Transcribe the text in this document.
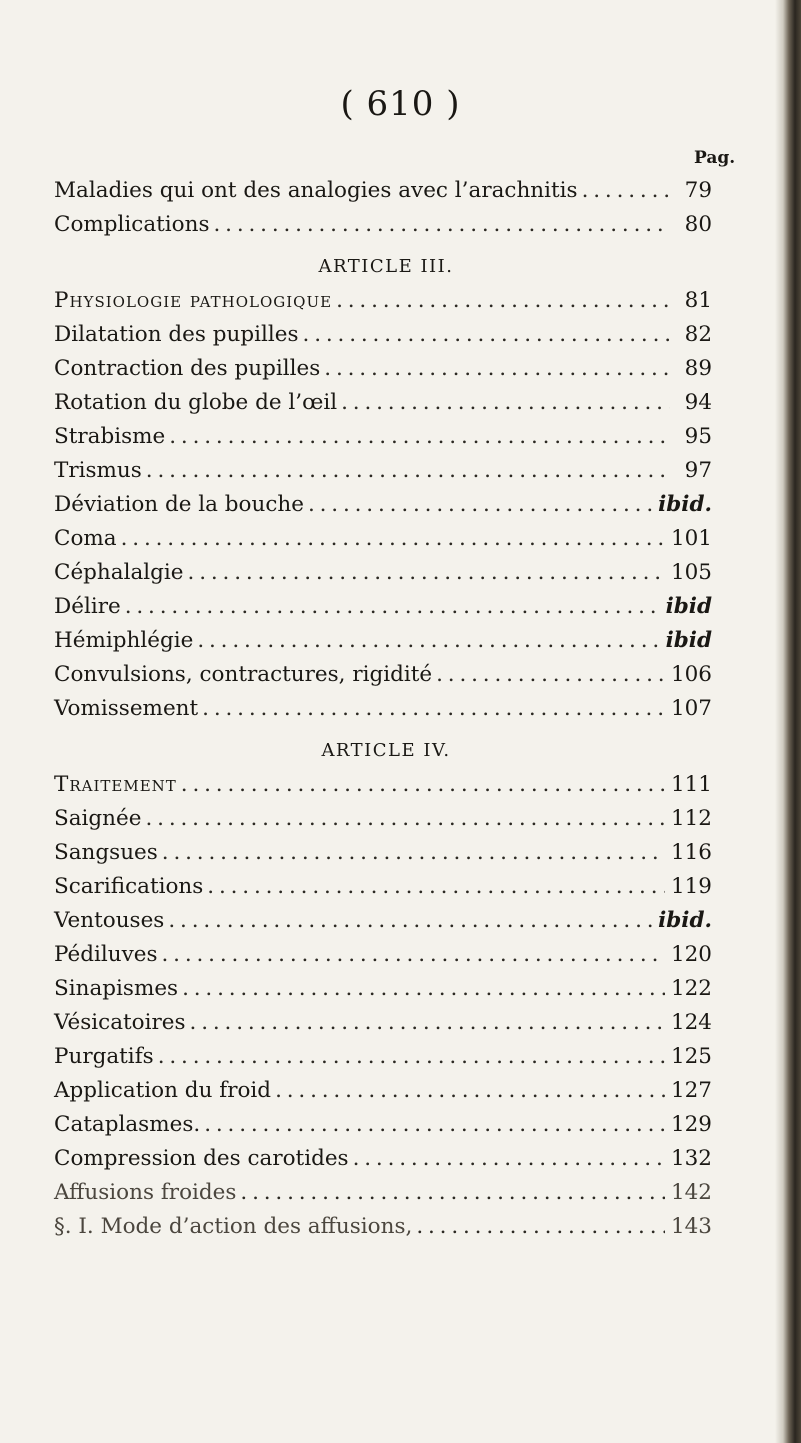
( 610 )
Pag.
Maladies qui ont des analogies avec l’arachnitis . . .	79
Complications . . .	80
ARTICLE III.
Physiologie pathologique . . .	81
Dilatation des pupilles . . .	82
Contraction des pupilles . . .	89
Rotation du globe de l’œil . . .	94
Strabisme . . .	95
Trismus . . .	97
Déviation de la bouche . . .	ibid.
Coma . . .	101
Céphalalgie . . .	105
Délire . . .	ibid
Hémiphlégie . . .	ibid
Convulsions, contractures, rigidité . . .	106
Vomissement . . .	107
ARTICLE IV.
Traitement . . .	111
Saignée . . .	112
Sangsues . . .	116
Scarifications . . .	119
Ventouses . . .	ibid.
Pédiluves . . .	120
Sinapismes . . .	122
Vésicatoires . . .	124
Purgatifs . . .	125
Application du froid . . .	127
Cataplasmes. . . .	129
Compression des carotides . . .	132
Affusions froides . . .	142
§. I. Mode d’action des affusions, . . .	143
